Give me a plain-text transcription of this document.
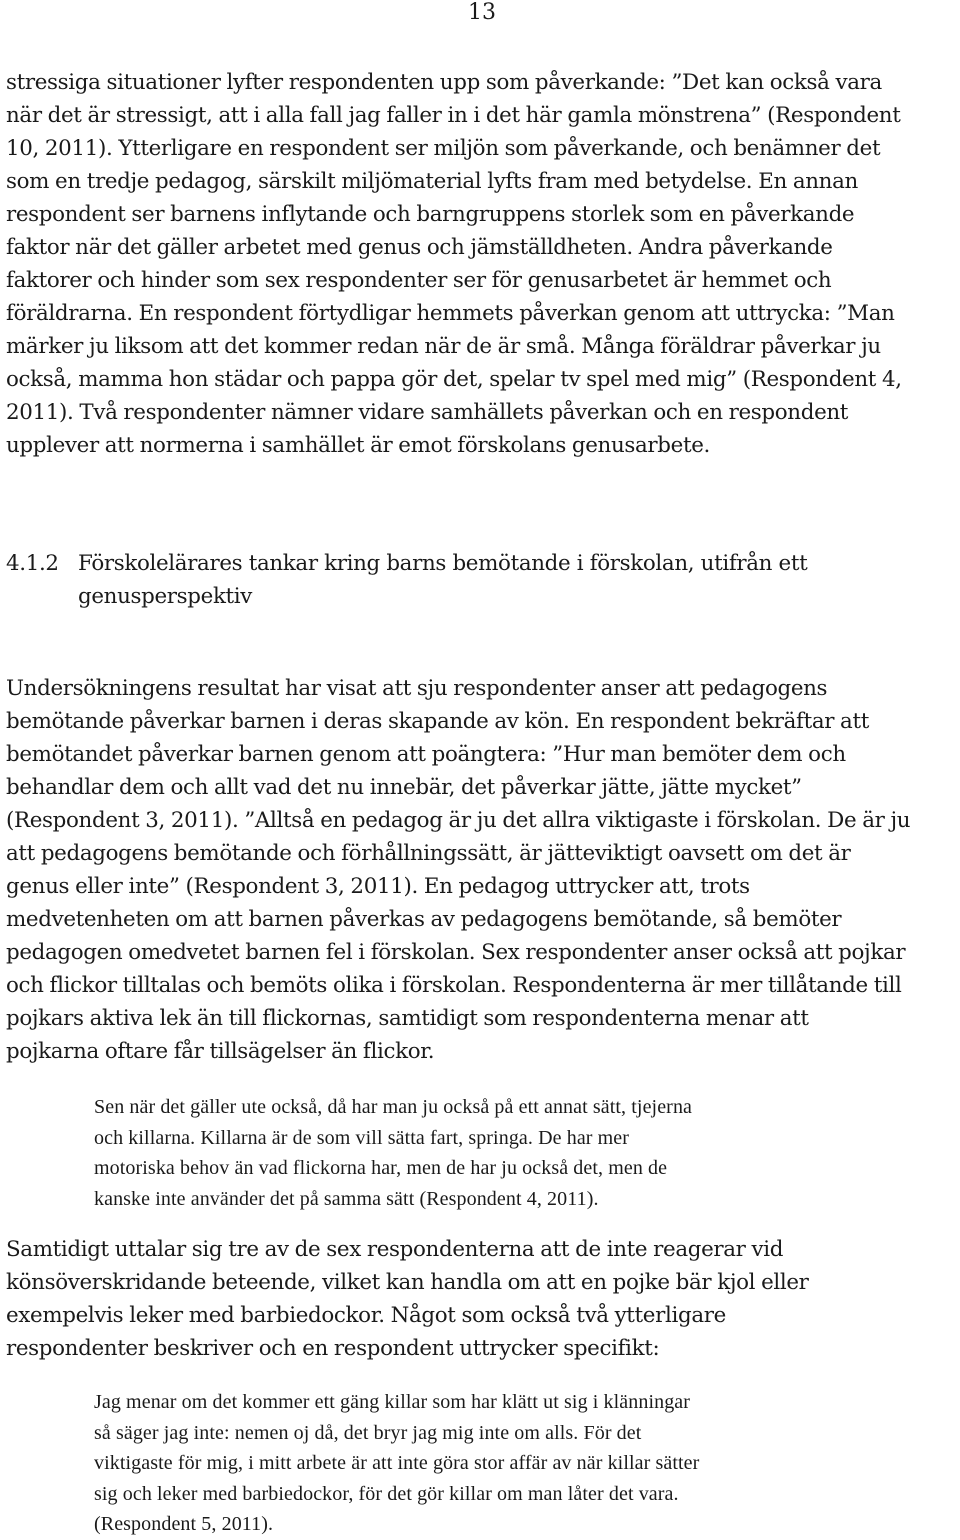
13

stressiga situationer lyfter respondenten upp som påverkande: ”Det kan också vara
när det är stressigt, att i alla fall jag faller in i det här gamla mönstrena” (Respondent
10, 2011). Ytterligare en respondent ser miljön som påverkande, och benämner det
som en tredje pedagog, särskilt miljömaterial lyfts fram med betydelse. En annan
respondent ser barnens inflytande och barngruppens storlek som en påverkande
faktor när det gäller arbetet med genus och jämställdheten. Andra påverkande
faktorer och hinder som sex respondenter ser för genusarbetet är hemmet och
föräldrarna. En respondent förtydligar hemmets påverkan genom att uttrycka: ”Man
märker ju liksom att det kommer redan när de är små. Många föräldrar påverkar ju
också, mamma hon städar och pappa gör det, spelar tv spel med mig” (Respondent 4,
2011). Två respondenter nämner vidare samhällets påverkan och en respondent
upplever att normerna i samhället är emot förskolans genusarbete.

4.1.2 Förskolelärares tankar kring barns bemötande i förskolan, utifrån ett
genusperspektiv

Undersökningens resultat har visat att sju respondenter anser att pedagogens
bemötande påverkar barnen i deras skapande av kön. En respondent bekräftar att
bemötandet påverkar barnen genom att poängtera: ”Hur man bemöter dem och
behandlar dem och allt vad det nu innebär, det påverkar jätte, jätte mycket”
(Respondent 3, 2011). ”Alltså en pedagog är ju det allra viktigaste i förskolan. De är ju
att pedagogens bemötande och förhållningssätt, är jätteviktigt oavsett om det är
genus eller inte” (Respondent 3, 2011). En pedagog uttrycker att, trots
medvetenheten om att barnen påverkas av pedagogens bemötande, så bemöter
pedagogen omedvetet barnen fel i förskolan. Sex respondenter anser också att pojkar
och flickor tilltalas och bemöts olika i förskolan. Respondenterna är mer tillåtande till
pojkars aktiva lek än till flickornas, samtidigt som respondenterna menar att
pojkarna oftare får tillsägelser än flickor.

Sen när det gäller ute också, då har man ju också på ett annat sätt, tjejerna
och killarna. Killarna är de som vill sätta fart, springa. De har mer
motoriska behov än vad flickorna har, men de har ju också det, men de
kanske inte använder det på samma sätt (Respondent 4, 2011).

Samtidigt uttalar sig tre av de sex respondenterna att de inte reagerar vid
könsöverskridande beteende, vilket kan handla om att en pojke bär kjol eller
exempelvis leker med barbiedockor. Något som också två ytterligare
respondenter beskriver och en respondent uttrycker specifikt:

Jag menar om det kommer ett gäng killar som har klätt ut sig i klänningar
så säger jag inte: nemen oj då, det bryr jag mig inte om alls. För det
viktigaste för mig, i mitt arbete är att inte göra stor affär av när killar sätter
sig och leker med barbiedockor, för det gör killar om man låter det vara.
(Respondent 5, 2011).
